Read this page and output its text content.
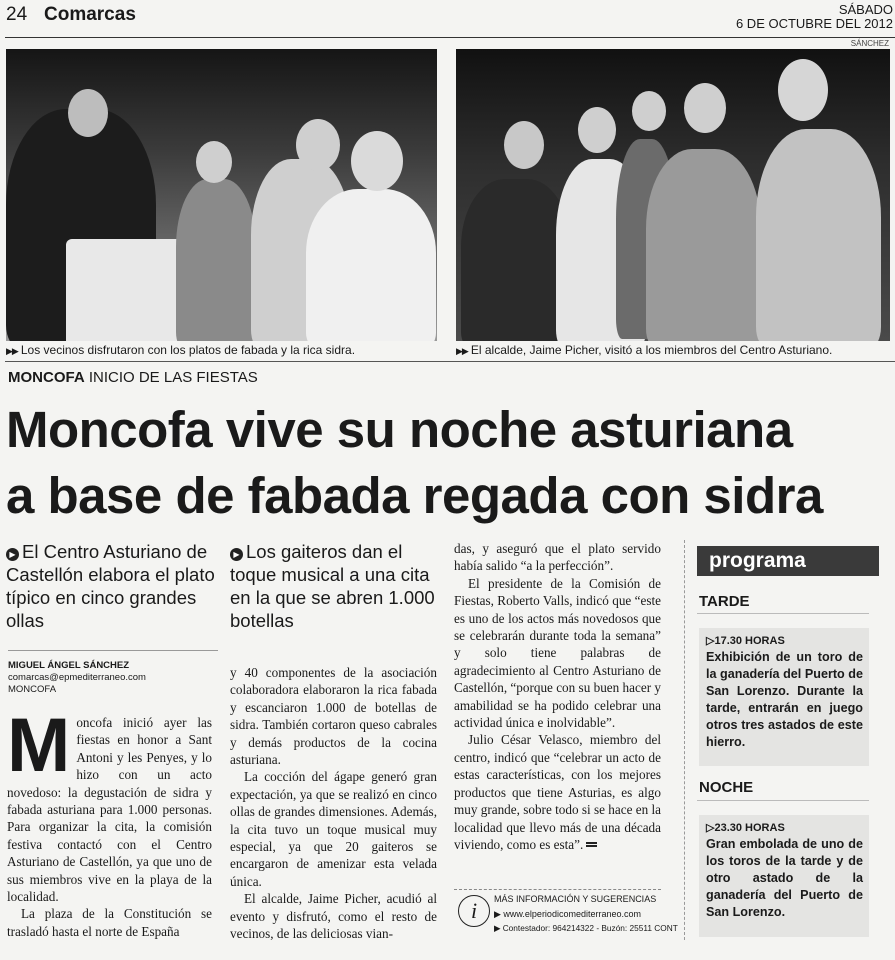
24 Comarcas	SÁBADO
6 DE OCTUBRE DEL 2012
SÁNCHEZ
▶▶ Los vecinos disfrutaron con los platos de fabada y la rica sidra.	▶▶ El alcalde, Jaime Picher, visitó a los miembros del Centro Asturiano.
MONCOFA INICIO DE LAS FIESTAS
Moncofa vive su noche asturiana
a base de fabada regada con sidra
▶ El Centro Asturiano de Castellón elabora el plato típico en cinco grandes ollas
▶ Los gaiteros dan el toque musical a una cita en la que se abren 1.000 botellas
MIGUEL ÁNGEL SÁNCHEZ
comarcas@epmediterraneo.com
MONCOFA

Moncofa inició ayer las fiestas en honor a Sant Antoni y les Penyes, y lo hizo con un acto novedoso: la degustación de sidra y fabada asturiana para 1.000 personas. Para organizar la cita, la comisión festiva contactó con el Centro Asturiano de Castellón, ya que uno de sus miembros vive en la playa de la localidad.

La plaza de la Constitución se trasladó hasta el norte de España

y 40 componentes de la asociación colaboradora elaboraron la rica fabada y escanciaron 1.000 de botellas de sidra. También cortaron queso cabrales y demás productos de la cocina asturiana.

La cocción del ágape generó gran expectación, ya que se realizó en cinco ollas de grandes dimensiones. Además, la cita tuvo un toque musical muy especial, ya que 20 gaiteros se encargaron de amenizar esta velada única.

El alcalde, Jaime Picher, acudió al evento y disfrutó, como el resto de vecinos, de las deliciosas vian-

das, y aseguró que el plato servido había salido “a la perfección”.

El presidente de la Comisión de Fiestas, Roberto Valls, indicó que “este es uno de los actos más novedosos que se celebrarán durante toda la semana” y solo tiene palabras de agradecimiento al Centro Asturiano de Castellón, “porque con su buen hacer y amabilidad se ha podido celebrar una actividad única e inolvidable”.

Julio César Velasco, miembro del centro, indicó que “celebrar un acto de estas características, con los mejores productos que tiene Asturias, es algo muy grande, sobre todo si se hace en la localidad que llevo más de una década viviendo, como es esta”.

i	MÁS INFORMACIÓN Y SUGERENCIAS
▶ www.elperiodicomediterraneo.com
▶ Contestador: 964214322 - Buzón: 25511 CONT
programa
TARDE
▷17.30 HORAS
Exhibición de un toro de la ganadería del Puerto de San Lorenzo. Durante la tarde, entrarán en juego otros tres astados de este hierro.
NOCHE
▷23.30 HORAS
Gran embolada de uno de los toros de la tarde y de otro astado de la ganadería del Puerto de San Lorenzo.
